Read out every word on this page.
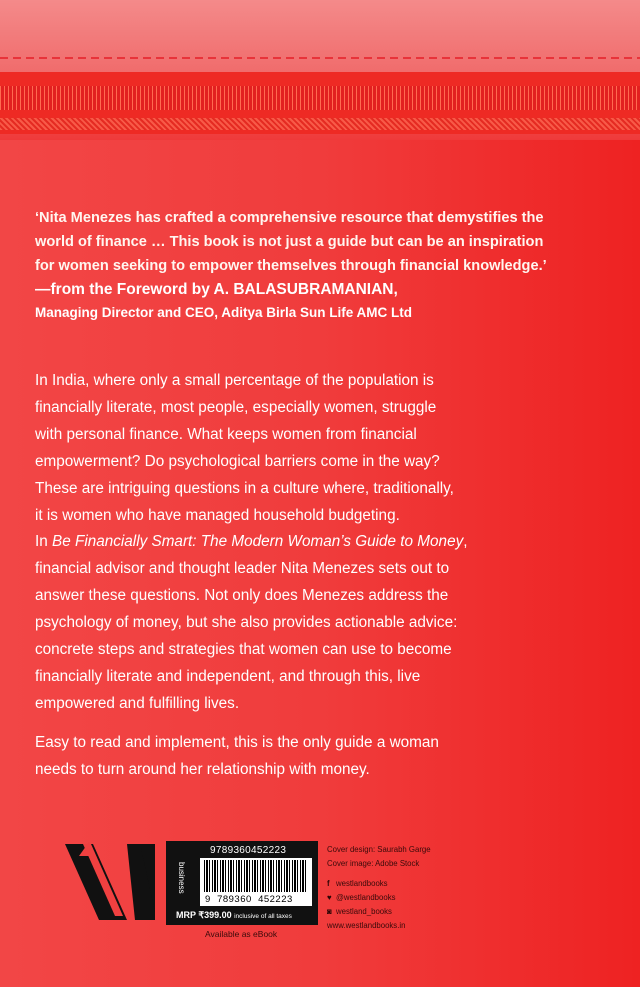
‘Nita Menezes has crafted a comprehensive resource that demystifies the
world of finance … This book is not just a guide but can be an inspiration
for women seeking to empower themselves through financial knowledge.’
—from the Foreword by A. BALASUBRAMANIAN,
Managing Director and CEO, Aditya Birla Sun Life AMC Ltd
In India, where only a small percentage of the population is
financially literate, most people, especially women, struggle
with personal finance. What keeps women from financial
empowerment? Do psychological barriers come in the way?
These are intriguing questions in a culture where, traditionally,
it is women who have managed household budgeting.
In Be Financially Smart: The Modern Woman’s Guide to Money,
financial advisor and thought leader Nita Menezes sets out to
answer these questions. Not only does Menezes address the
psychology of money, but she also provides actionable advice:
concrete steps and strategies that women can use to become
financially literate and independent, and through this, live
empowered and fulfilling lives.
Easy to read and implement, this is the only guide a woman
needs to turn around her relationship with money.
business
9789360452223
9 789360 452223
MRP ₹399.00 inclusive of all taxes
Available as eBook
Cover design: Saurabh Garge
Cover image: Adobe Stock
f westlandbooks
♥ @westlandbooks
◙ westland_books
www.westlandbooks.in
